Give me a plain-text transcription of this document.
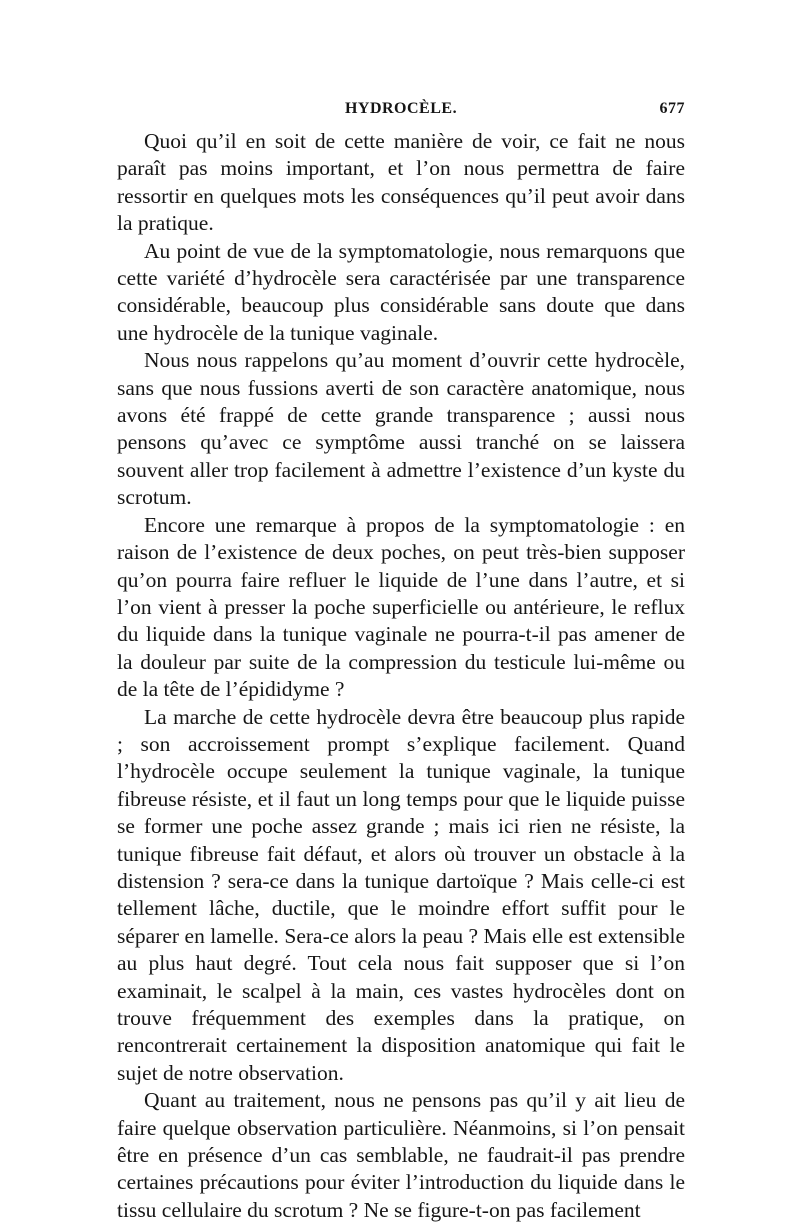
HYDROCÈLE.	677

Quoi qu’il en soit de cette manière de voir, ce fait ne nous paraît pas moins important, et l’on nous permettra de faire ressortir en quelques mots les conséquences qu’il peut avoir dans la pratique.

Au point de vue de la symptomatologie, nous remarquons que cette variété d’hydrocèle sera caractérisée par une transparence considérable, beaucoup plus considérable sans doute que dans une hydrocèle de la tunique vaginale.

Nous nous rappelons qu’au moment d’ouvrir cette hydrocèle, sans que nous fussions averti de son caractère anatomique, nous avons été frappé de cette grande transparence ; aussi nous pensons qu’avec ce symptôme aussi tranché on se laissera souvent aller trop facilement à admettre l’existence d’un kyste du scrotum.

Encore une remarque à propos de la symptomatologie : en raison de l’existence de deux poches, on peut très-bien supposer qu’on pourra faire refluer le liquide de l’une dans l’autre, et si l’on vient à presser la poche superficielle ou antérieure, le reflux du liquide dans la tunique vaginale ne pourra-t-il pas amener de la douleur par suite de la compression du testicule lui-même ou de la tête de l’épididyme ?

La marche de cette hydrocèle devra être beaucoup plus rapide ; son accroissement prompt s’explique facilement. Quand l’hydrocèle occupe seulement la tunique vaginale, la tunique fibreuse résiste, et il faut un long temps pour que le liquide puisse se former une poche assez grande ; mais ici rien ne résiste, la tunique fibreuse fait défaut, et alors où trouver un obstacle à la distension ? sera-ce dans la tunique dartoïque ? Mais celle-ci est tellement lâche, ductile, que le moindre effort suffit pour le séparer en lamelle. Sera-ce alors la peau ? Mais elle est extensible au plus haut degré. Tout cela nous fait supposer que si l’on examinait, le scalpel à la main, ces vastes hydrocèles dont on trouve fréquemment des exemples dans la pratique, on rencontrerait certainement la disposition anatomique qui fait le sujet de notre observation.

Quant au traitement, nous ne pensons pas qu’il y ait lieu de faire quelque observation particulière. Néanmoins, si l’on pensait être en présence d’un cas semblable, ne faudrait-il pas prendre certaines précautions pour éviter l’introduction du liquide dans le tissu cellulaire du scrotum ? Ne se figure-t-on pas facilement
